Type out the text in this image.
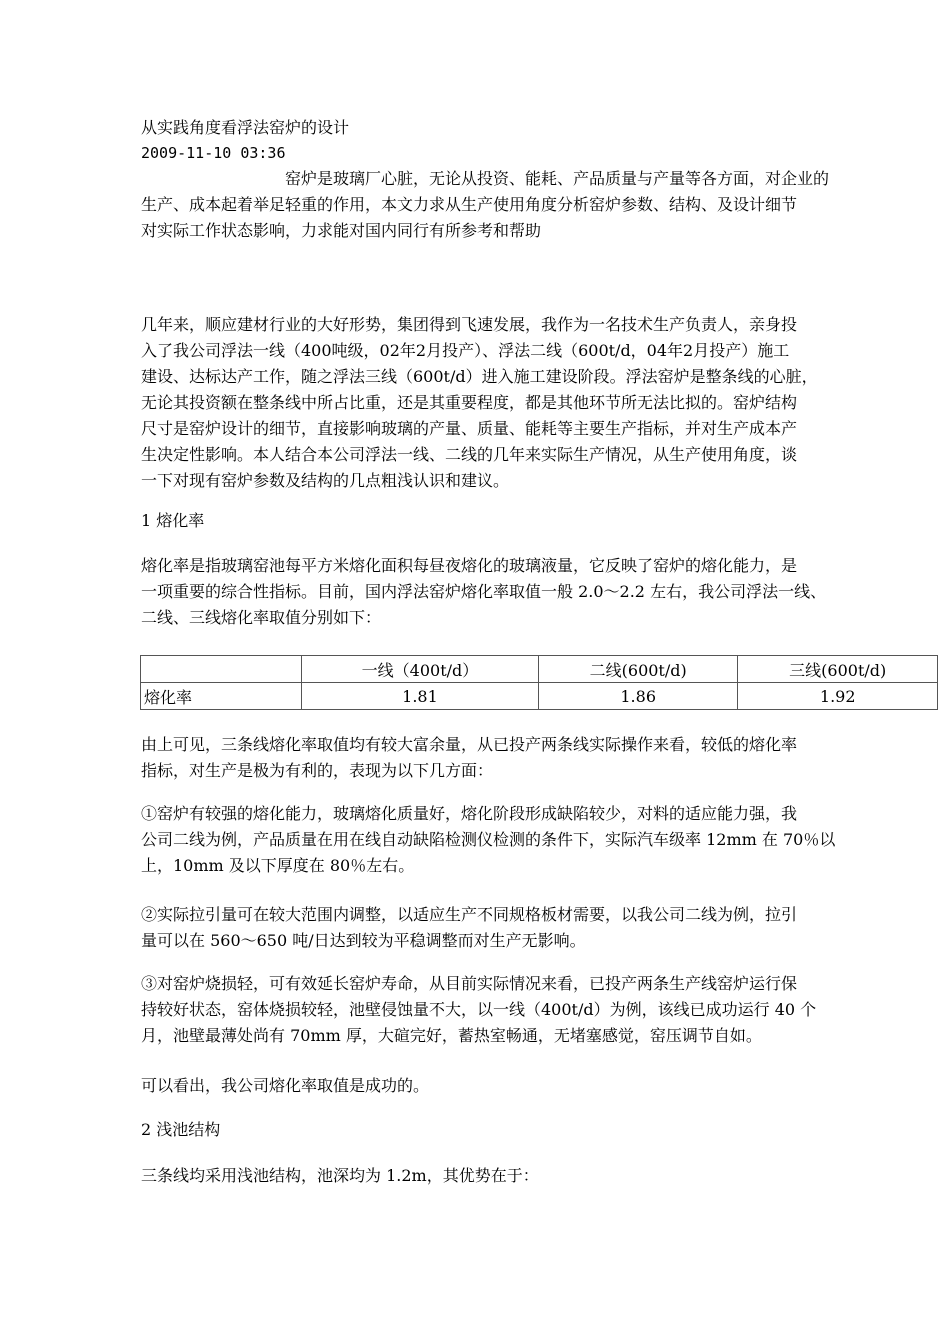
从实践角度看浮法窑炉的设计

2009-11-10 03:36

窑炉是玻璃厂心脏，无论从投资、能耗、产品质量与产量等各方面，对企业的
生产、成本起着举足轻重的作用，本文力求从生产使用角度分析窑炉参数、结构、及设计细节
对实际工作状态影响，力求能对国内同行有所参考和帮助
几年来，顺应建材行业的大好形势，集团得到飞速发展，我作为一名技术生产负责人，亲身投
入了我公司浮法一线（400吨级，02年2月投产）、浮法二线（600t/d，04年2月投产）施工
建设、达标达产工作，随之浮法三线（600t/d）进入施工建设阶段。浮法窑炉是整条线的心脏，
无论其投资额在整条线中所占比重，还是其重要程度，都是其他环节所无法比拟的。窑炉结构
尺寸是窑炉设计的细节，直接影响玻璃的产量、质量、能耗等主要生产指标，并对生产成本产
生决定性影响。本人结合本公司浮法一线、二线的几年来实际生产情况，从生产使用角度，谈
一下对现有窑炉参数及结构的几点粗浅认识和建议。

1 熔化率

熔化率是指玻璃窑池每平方米熔化面积每昼夜熔化的玻璃液量，它反映了窑炉的熔化能力，是
一项重要的综合性指标。目前，国内浮法窑炉熔化率取值一般 2.0～2.2 左右，我公司浮法一线、
二线、三线熔化率取值分别如下：
	一线（400t/d）	二线(600t/d)	三线(600t/d)
熔化率	1.81	1.86	1.92
由上可见，三条线熔化率取值均有较大富余量，从已投产两条线实际操作来看，较低的熔化率
指标，对生产是极为有利的，表现为以下几方面：
①窑炉有较强的熔化能力，玻璃熔化质量好，熔化阶段形成缺陷较少，对料的适应能力强，我
公司二线为例，产品质量在用在线自动缺陷检测仪检测的条件下，实际汽车级率 12mm 在 70％以
上，10mm 及以下厚度在 80％左右。
②实际拉引量可在较大范围内调整，以适应生产不同规格板材需要，以我公司二线为例，拉引
量可以在 560～650 吨/日达到较为平稳调整而对生产无影响。
③对窑炉烧损轻，可有效延长窑炉寿命，从目前实际情况来看，已投产两条生产线窑炉运行保
持较好状态，窑体烧损较轻，池壁侵蚀量不大，以一线（400t/d）为例，该线已成功运行 40 个
月，池壁最薄处尚有 70mm 厚，大碹完好，蓄热室畅通，无堵塞感觉，窑压调节自如。

可以看出，我公司熔化率取值是成功的。

2 浅池结构

三条线均采用浅池结构，池深均为 1.2m，其优势在于：
